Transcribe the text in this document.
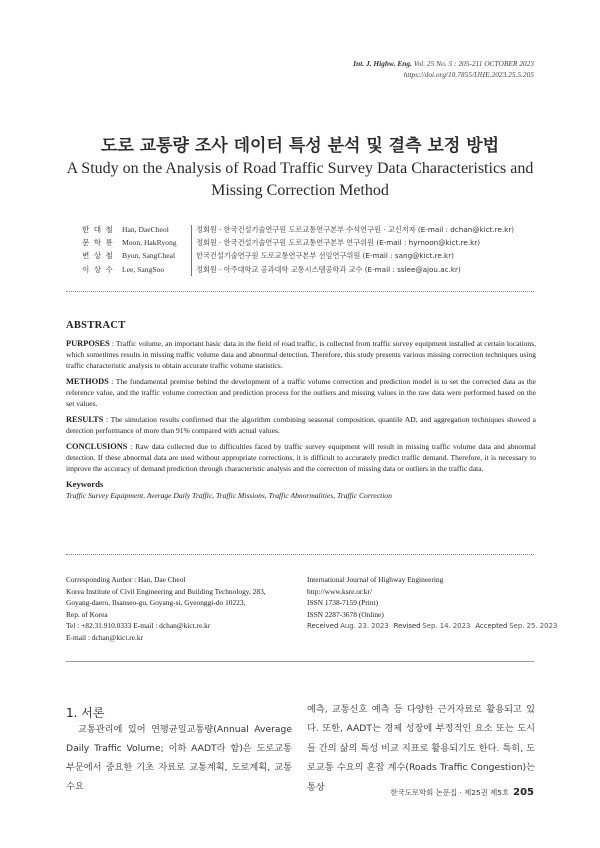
Int. J. Highw. Eng. Vol. 25 No. 5 : 205-211 OCTOBER 2023
https://doi.org/10.7855/IJHE.2023.25.5.205
도로 교통량 조사 데이터 특성 분석 및 결측 보정 방법
A Study on the Analysis of Road Traffic Survey Data Characteristics and
Missing Correction Method
한 대 철 Han, DaeCheol	정회원 · 한국건설기술연구원 도로교통연구본부 수석연구원 · 교신저자 (E-mail : dchan@kict.re.kr)
문 학 룡 Moon, HakRyong	정회원 · 한국건설기술연구원 도로교통연구본부 연구위원 (E-mail : hyrnoon@kict.re.kr)
변 상 철 Byun, SangCheal	한국건설기술연구원 도로교통연구본부 선임연구위원 (E-mail : sang@kict.re.kr)
이 상 수 Lee, SangSoo	정회원 · 아주대학교 공과대학 교통시스템공학과 교수 (E-mail : sslee@ajou.ac.kr)
ABSTRACT

PURPOSES : Traffic volume, an important basic data in the field of road traffic, is collected from traffic survey equipment installed at certain locations, which sometimes results in missing traffic volume data and abnormal detection. Therefore, this study presents various missing correction techniques using traffic characteristic analysis to obtain accurate traffic volume statistics.

METHODS : The fundamental premise behind the development of a traffic volume correction and prediction model is to set the corrected data as the reference value, and the traffic volume correction and prediction process for the outliers and missing values in the raw data were performed based on the set values.

RESULTS : The simulation results confirmed that the algorithm combining seasonal composition, quantile AD, and aggregation techniques showed a detection performance of more than 91% compared with actual values.

CONCLUSIONS : Raw data collected due to difficulties faced by traffic survey equipment will result in missing traffic volume data and abnormal detection. If these abnormal data are used without appropriate corrections, it is difficult to accurately predict traffic demand. Therefore, it is necessary to improve the accuracy of demand prediction through characteristic analysis and the correction of missing data or outliers in the traffic data.

Keywords
Traffic Survey Equipment, Average Daily Traffic, Traffic Missions, Traffic Abnormalities, Traffic Correction
Corresponding Author : Han, Dae Cheol
Korea Institute of Civil Engineering and Building Technology, 283,
Goyang-daero, Ilsanseo-gu, Goyang-si, Gyeonggi-do 10223,
Rep. of Korea
Tel : +82.31.910.0333 E-mail : dchan@kict.re.kr
E-mail : dchan@kict.re.kr
International Journal of Highway Engineering
http://www.ksre.or.kr/
ISSN 1738-7159 (Print)
ISSN 2287-3678 (Online)
Received Aug. 23. 2023 Revised Sep. 14. 2023 Accepted Sep. 25. 2023
1. 서론
교통관리에 있어 연평균일교통량(Annual Average Daily Traffic Volume; 이하 AADT라 함)은 도로교통 부문에서 중요한 기초 자료로 교통계획, 도로계획, 교통수요
예측, 교통신호 예측 등 다양한 근거자료로 활용되고 있다. 또한, AADT는 경제 성장에 부정적인 요소 또는 도시들 간의 삶의 특성 비교 지표로 활용되기도 한다. 특히, 도로교통 수요의 혼잡 계수(Roads Traffic Congestion)는 통상	한국도로학회 논문집 · 제25권 제5호 205
